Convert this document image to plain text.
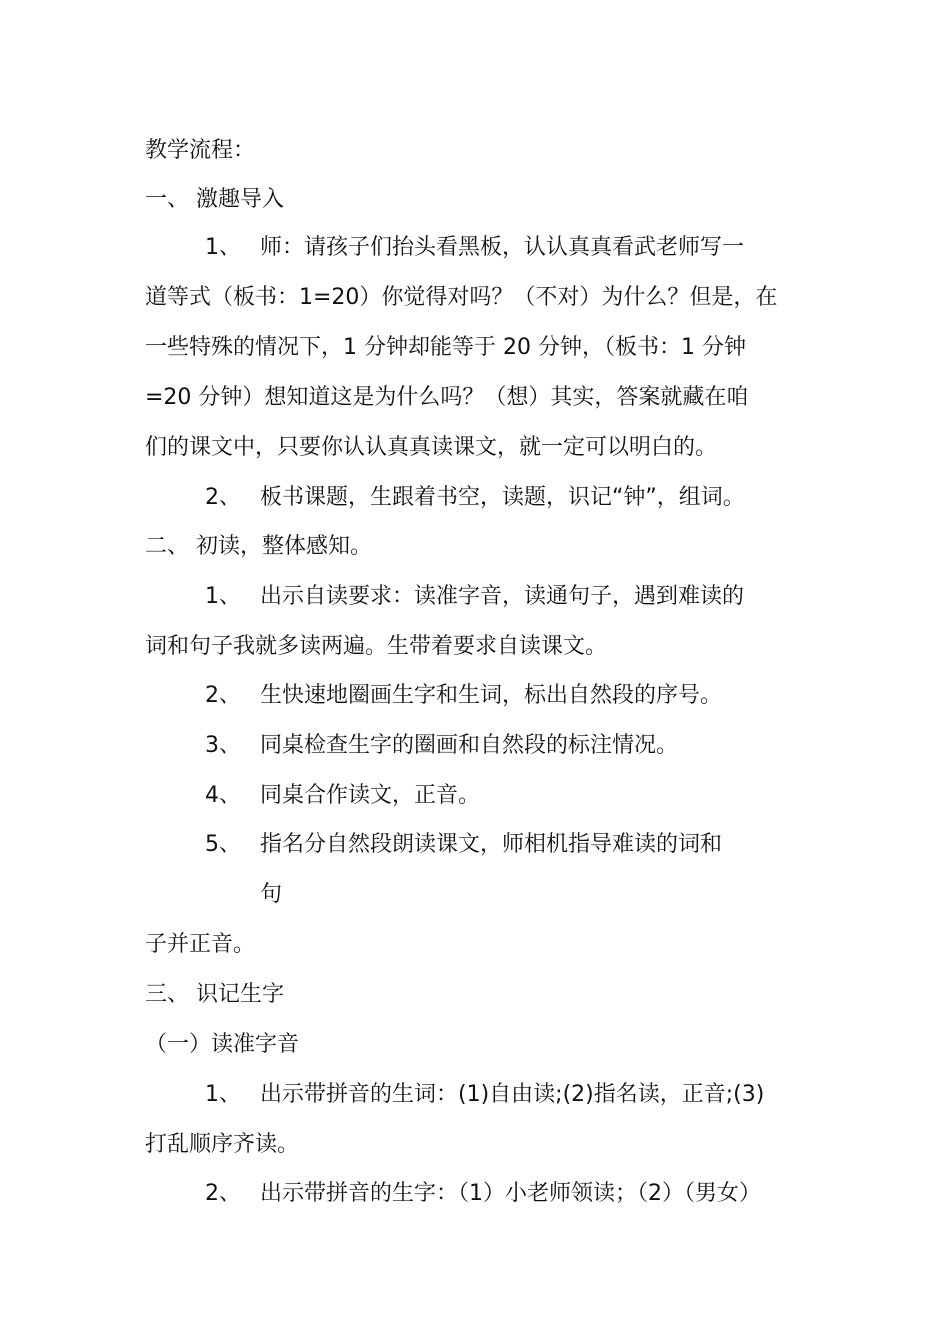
教学流程：
一、 激趣导入
1、 师：请孩子们抬头看黑板，认认真真看武老师写一
道等式（板书：1=20）你觉得对吗？（不对）为什么？但是，在
一些特殊的情况下，1 分钟却能等于 20 分钟，（板书：1 分钟
=20 分钟）想知道这是为什么吗？（想）其实，答案就藏在咱
们的课文中，只要你认认真真读课文，就一定可以明白的。
2、 板书课题，生跟着书空，读题，识记“钟”，组词。
二、 初读，整体感知。
1、 出示自读要求：读准字音，读通句子，遇到难读的
词和句子我就多读两遍。生带着要求自读课文。
2、 生快速地圈画生字和生词，标出自然段的序号。
3、 同桌检查生字的圈画和自然段的标注情况。
4、 同桌合作读文，正音。
5、 指名分自然段朗读课文，师相机指导难读的词和
句
子并正音。
三、 识记生字
（一）读准字音
1、 出示带拼音的生词：(1)自由读;(2)指名读，正音;(3)
打乱顺序齐读。
2、 出示带拼音的生字：（1）小老师领读；（2）（男女）
